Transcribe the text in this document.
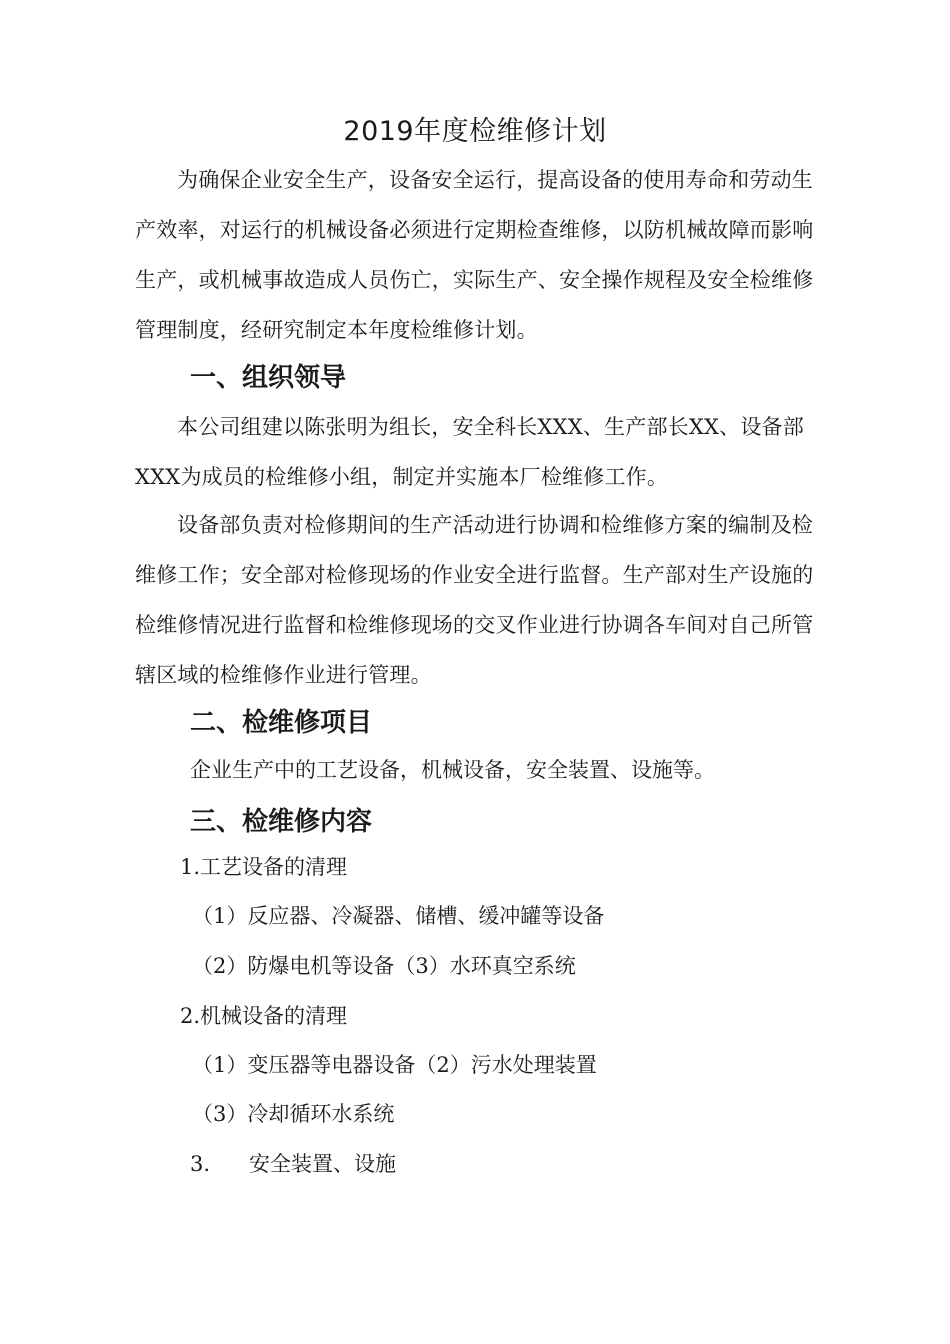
2019年度检维修计划

为确保企业安全生产，设备安全运行，提高设备的使用寿命和劳动生产效率，对运行的机械设备必须进行定期检查维修，以防机械故障而影响生产，或机械事故造成人员伤亡，实际生产、安全操作规程及安全检维修管理制度，经研究制定本年度检维修计划。

一、组织领导

本公司组建以陈张明为组长，安全科长XXX、生产部长XX、设备部XXX为成员的检维修小组，制定并实施本厂检维修工作。

设备部负责对检修期间的生产活动进行协调和检维修方案的编制及检维修工作；安全部对检修现场的作业安全进行监督。生产部对生产设施的检维修情况进行监督和检维修现场的交叉作业进行协调各车间对自己所管辖区域的检维修作业进行管理。

二、检维修项目
企业生产中的工艺设备，机械设备，安全装置、设施等。
三、检维修内容
1.工艺设备的清理
（1）反应器、冷凝器、储槽、缓冲罐等设备
（2）防爆电机等设备（3）水环真空系统
2.机械设备的清理
（1）变压器等电器设备（2）污水处理装置
（3）冷却循环水系统
3. 安全装置、设施
